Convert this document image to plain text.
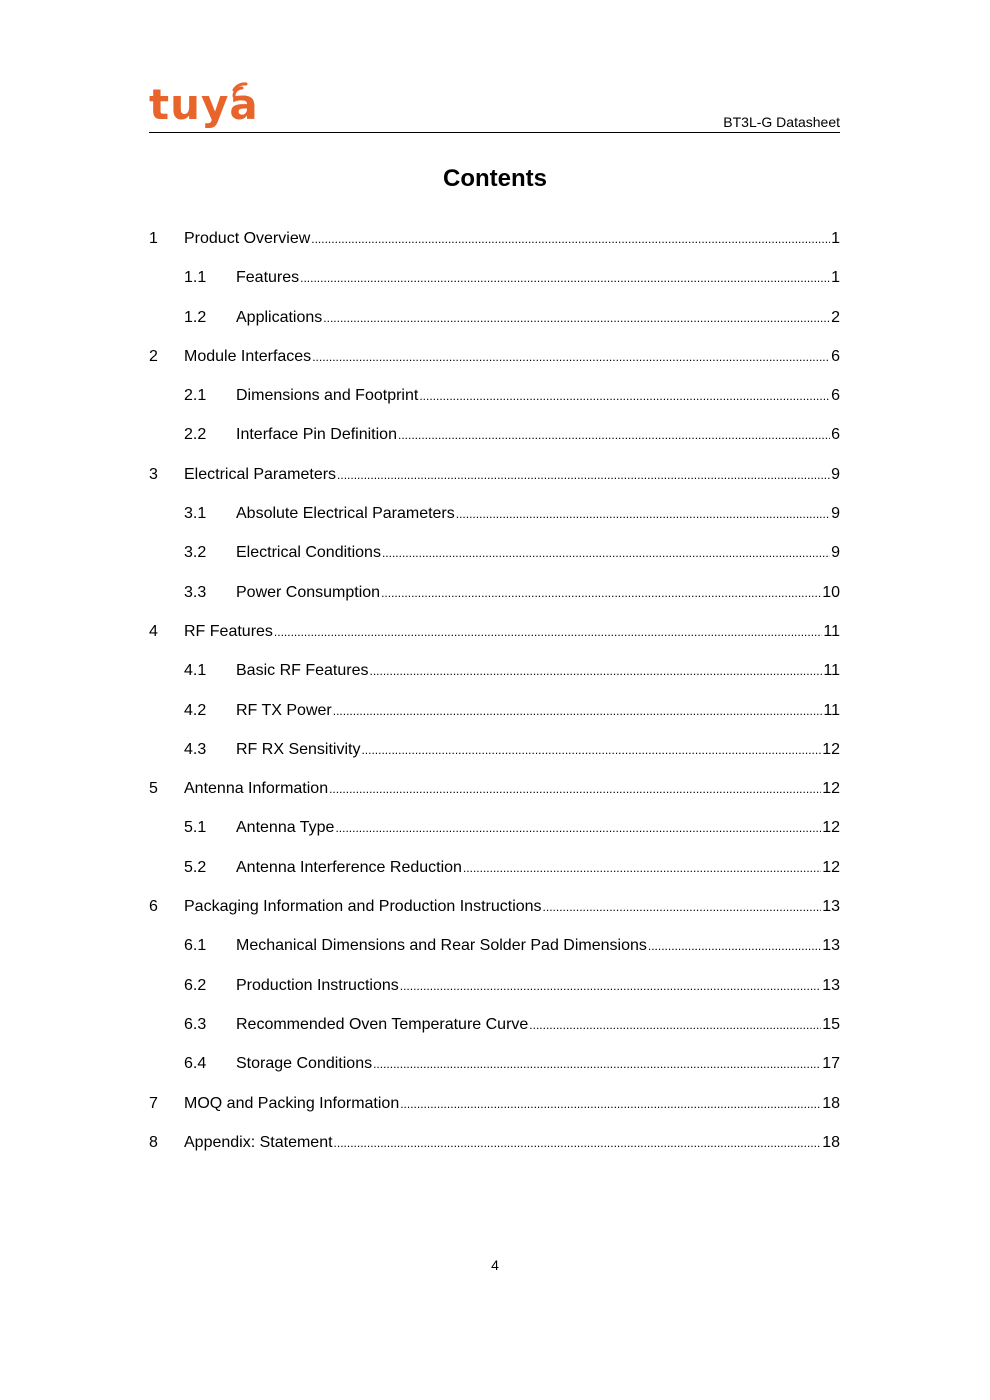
tuya	BT3L-G Datasheet
Contents
1 Product Overview .....	1
1.1 Features .....	1
1.2 Applications .....	2
2 Module Interfaces .....	6
2.1 Dimensions and Footprint .....	6
2.2 Interface Pin Definition .....	6
3 Electrical Parameters .....	9
3.1 Absolute Electrical Parameters .....	9
3.2 Electrical Conditions .....	9
3.3 Power Consumption .....	10
4 RF Features .....	11
4.1 Basic RF Features .....	11
4.2 RF TX Power .....	11
4.3 RF RX Sensitivity .....	12
5 Antenna Information .....	12
5.1 Antenna Type .....	12
5.2 Antenna Interference Reduction .....	12
6 Packaging Information and Production Instructions .....	13
6.1 Mechanical Dimensions and Rear Solder Pad Dimensions .....	13
6.2 Production Instructions .....	13
6.3 Recommended Oven Temperature Curve .....	15
6.4 Storage Conditions .....	17
7 MOQ and Packing Information .....	18
8 Appendix: Statement .....	18
4
